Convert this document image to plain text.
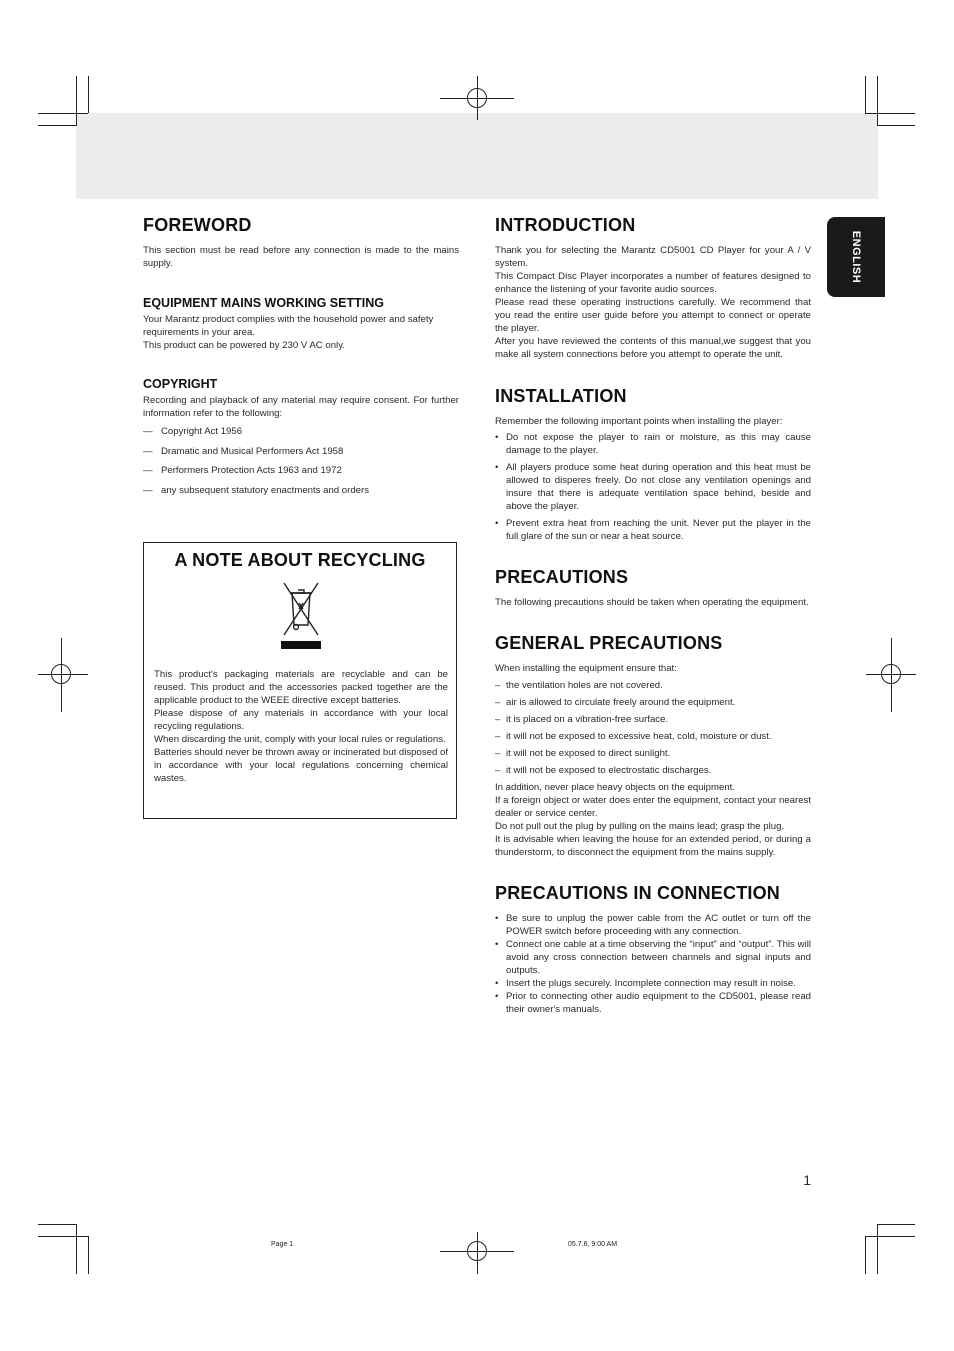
ENGLISH
FOREWORD

This section must be read before any connection is made to the mains supply.

EQUIPMENT MAINS WORKING SETTING

Your Marantz product complies with the household power and safety requirements in your area.

This product can be powered by 230 V AC only.

COPYRIGHT

Recording and playback of any material may require consent. For further information refer to the following:

— Copyright Act 1956
— Dramatic and Musical Performers Act 1958
— Performers Protection Acts 1963 and 1972
— any subsequent statutory enactments and orders
A NOTE ABOUT RECYCLING

This product's packaging materials are recyclable and can be reused. This product and the accessories packed together are the applicable product to the WEEE directive except batteries.

Please dispose of any materials in accordance with your local recycling regulations.

When discarding the unit, comply with your local rules or regulations.

Batteries should never be thrown away or incinerated but disposed of in accordance with your local regulations concerning chemical wastes.

INTRODUCTION

Thank you for selecting the Marantz CD5001 CD Player for your A / V system.

This Compact Disc Player incorporates a number of features designed to enhance the listening of your favorite audio sources.

Please read these operating instructions carefully. We recommend that you read the entire user guide before you attempt to connect or operate the player.

After you have reviewed the contents of this manual,we suggest that you make all system connections before you attempt to operate the unit.

INSTALLATION

Remember the following important points when installing the player:

• Do not expose the player to rain or moisture, as this may cause damage to the player.
• All players produce some heat during operation and this heat must be allowed to disperes freely. Do not close any ventilation openings and insure that there is adequate ventilation space behind, beside and above the player.
• Prevent extra heat from reaching the unit. Never put the player in the full glare of the sun or near a heat source.
PRECAUTIONS

The following precautions should be taken when operating the equipment.

GENERAL PRECAUTIONS

When installing the equipment ensure that:

– the ventilation holes are not covered.
– air is allowed to circulate freely around the equipment.
– it is placed on a vibration-free surface.
– it will not be exposed to excessive heat, cold, moisture or dust.
– it will not be exposed to direct sunlight.
– it will not be exposed to electrostatic discharges.

In addition, never place heavy objects on the equipment.

If a foreign object or water does enter the equipment, contact your nearest dealer or service center.

Do not pull out the plug by pulling on the mains lead; grasp the plug.

It is advisable when leaving the house for an extended period, or during a thunderstorm, to disconnect the equipment from the mains supply.

PRECAUTIONS IN CONNECTION
• Be sure to unplug the power cable from the AC outlet or turn off the POWER switch before proceeding with any connection.
• Connect one cable at a time observing the “input” and “output”. This will avoid any cross connection between channels and signal inputs and outputs.
• Insert the plugs securely. Incomplete connection may result in noise.
• Prior to connecting other audio equipment to the CD5001, please read their owner's manuals.
1
Page 1	05.7.6, 9:00 AM
